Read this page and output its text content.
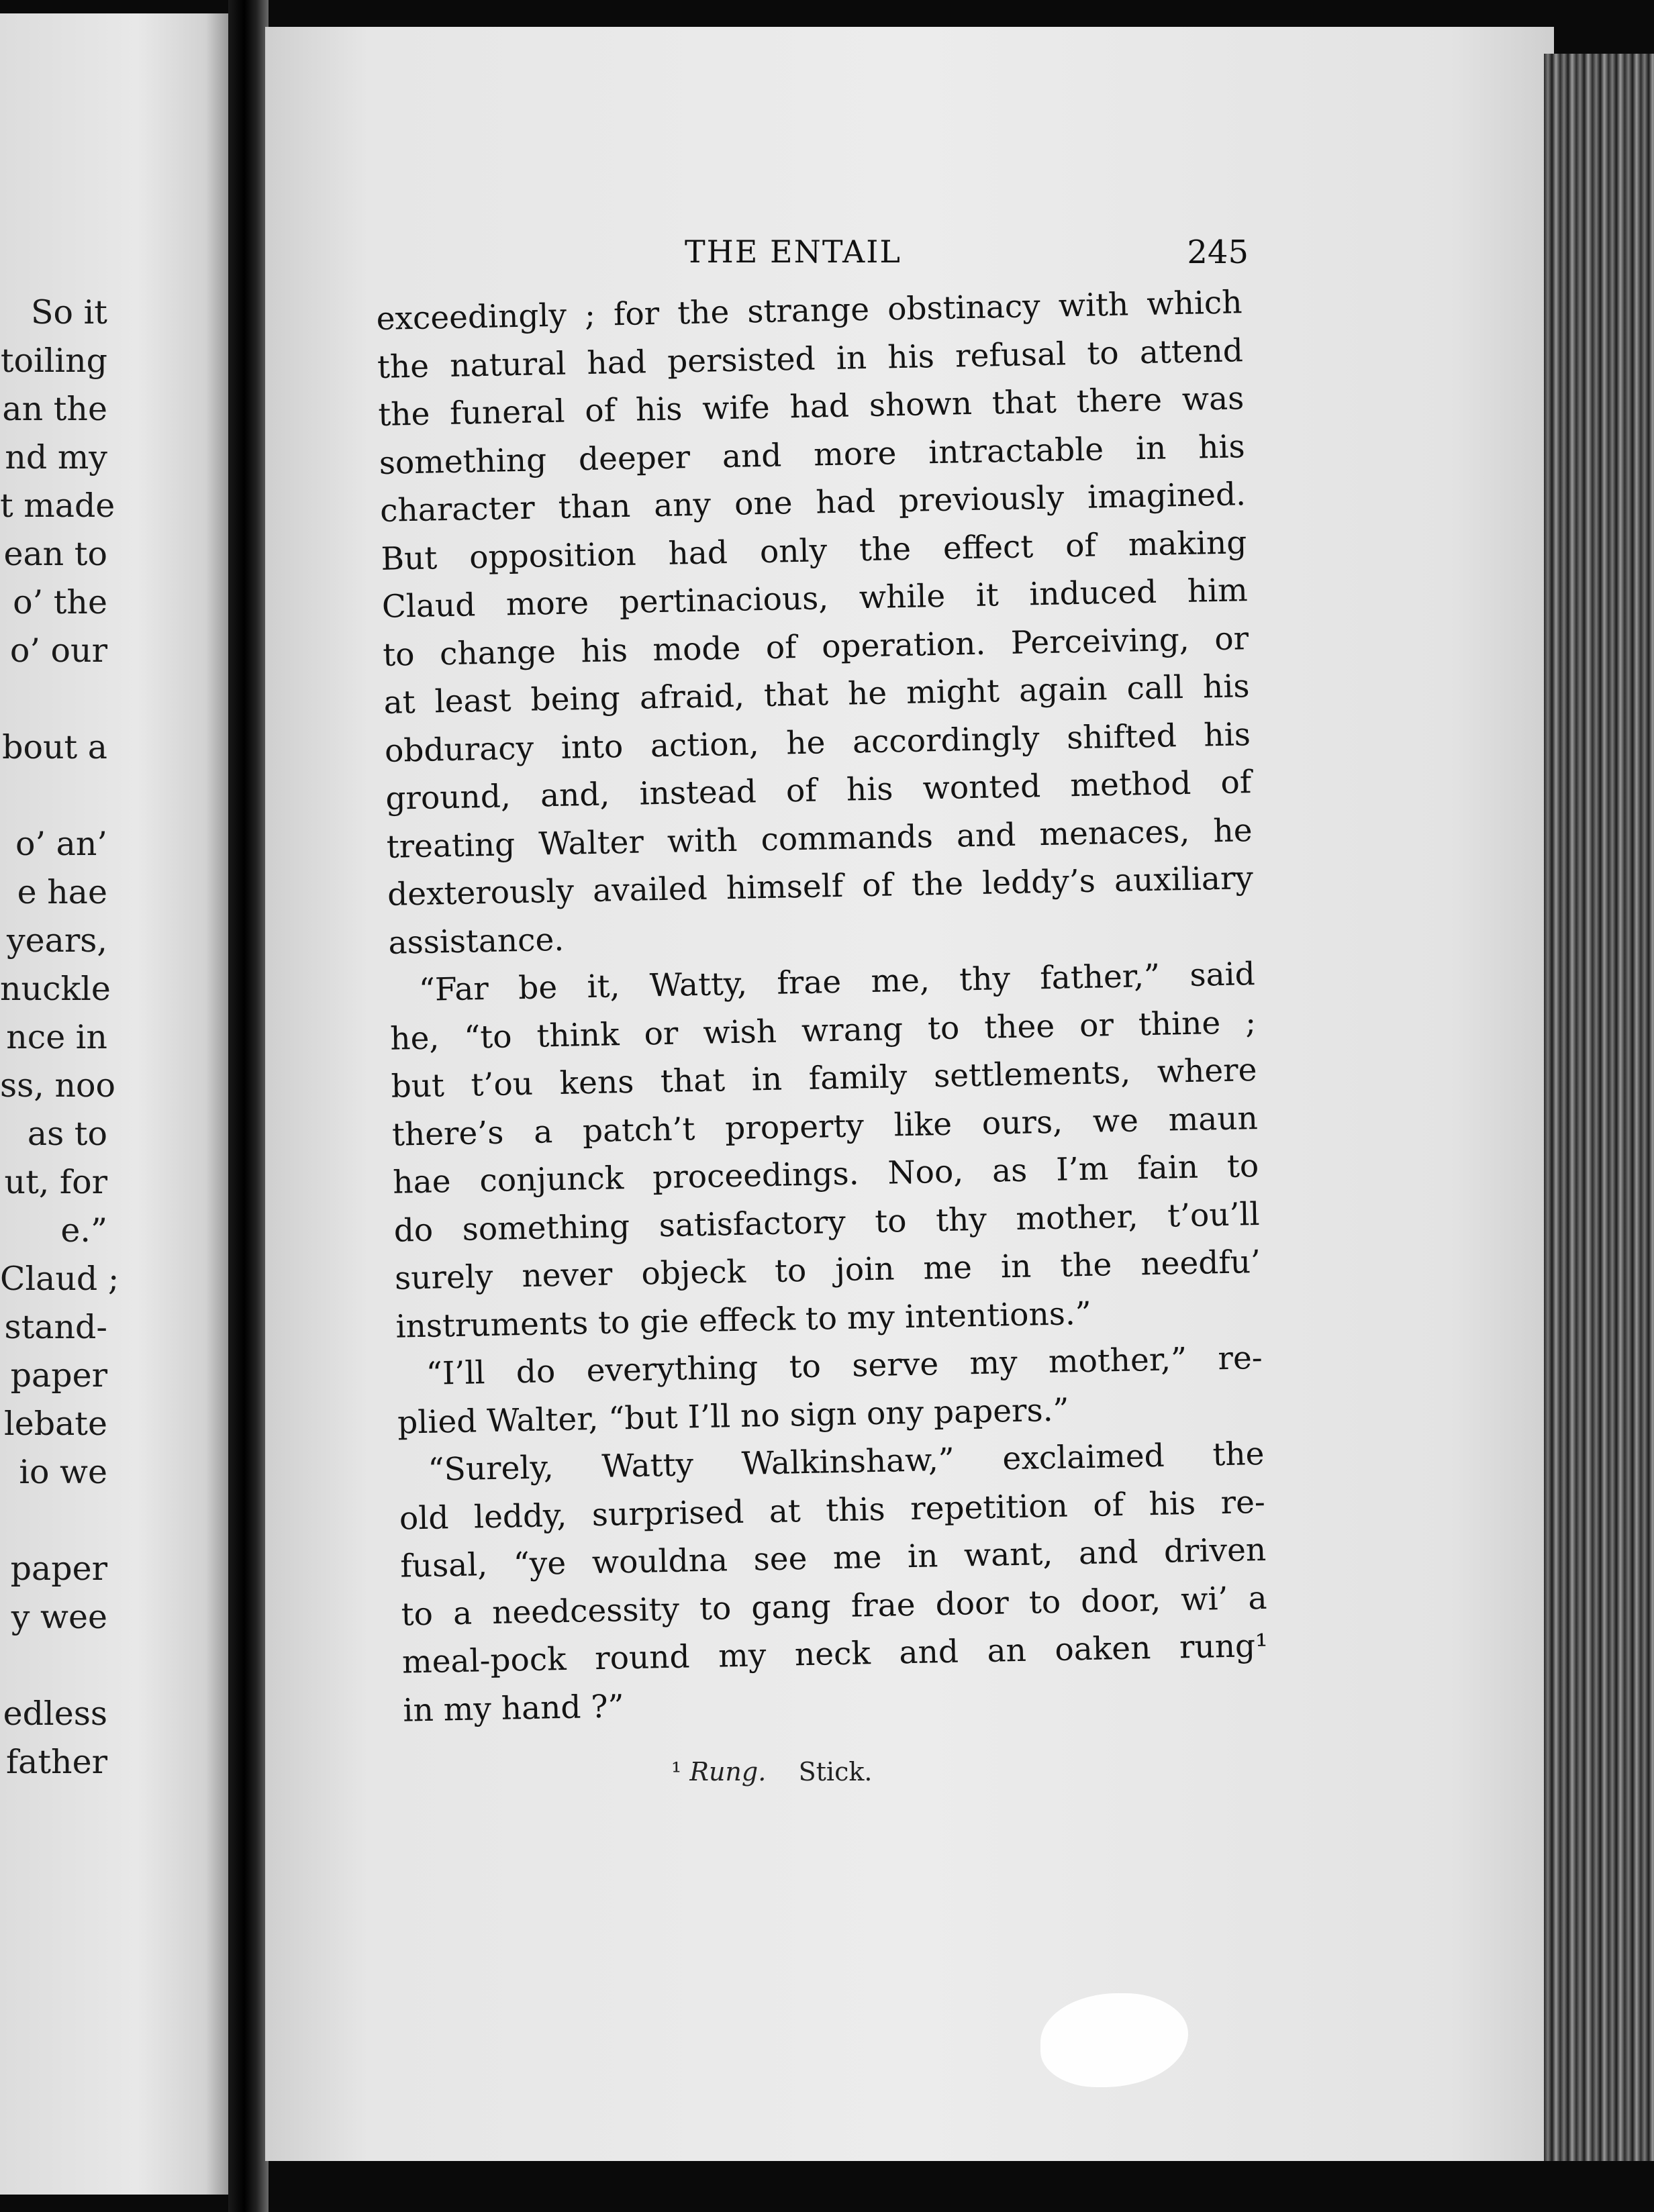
So it
toiling
an the
nd my
t made
ean to
o’ the
o’ our
bout a
o’ an’
e hae
years,
nuckle
nce in
ss, noo
as to
ut, for
e.”
Claud ;
stand-
paper
lebate
io we
paper
y wee
edless
father
THE ENTAIL	245
exceedingly ; for the strange obstinacy with which
the natural had persisted in his refusal to attend
the funeral of his wife had shown that there was
something deeper and more intractable in his
character than any one had previously imagined.
But opposition had only the effect of making
Claud more pertinacious, while it induced him
to change his mode of operation. Perceiving, or
at least being afraid, that he might again call his
obduracy into action, he accordingly shifted his
ground, and, instead of his wonted method of
treating Walter with commands and menaces, he
dexterously availed himself of the leddy’s auxiliary
assistance.
“Far be it, Watty, frae me, thy father,” said
he, “to think or wish wrang to thee or thine ;
but t’ou kens that in family settlements, where
there’s a patch’t property like ours, we maun
hae conjunck proceedings. Noo, as I’m fain to
do something satisfactory to thy mother, t’ou’ll
surely never objeck to join me in the needfu’
instruments to gie effeck to my intentions.”
“I’ll do everything to serve my mother,” re-
plied Walter, “but I’ll no sign ony papers.”
“Surely, Watty Walkinshaw,” exclaimed the
old leddy, surprised at this repetition of his re-
fusal, “ye wouldna see me in want, and driven
to a needcessity to gang frae door to door, wi’ a
meal-pock round my neck and an oaken rung¹
in my hand ?”
¹ Rung. Stick.
